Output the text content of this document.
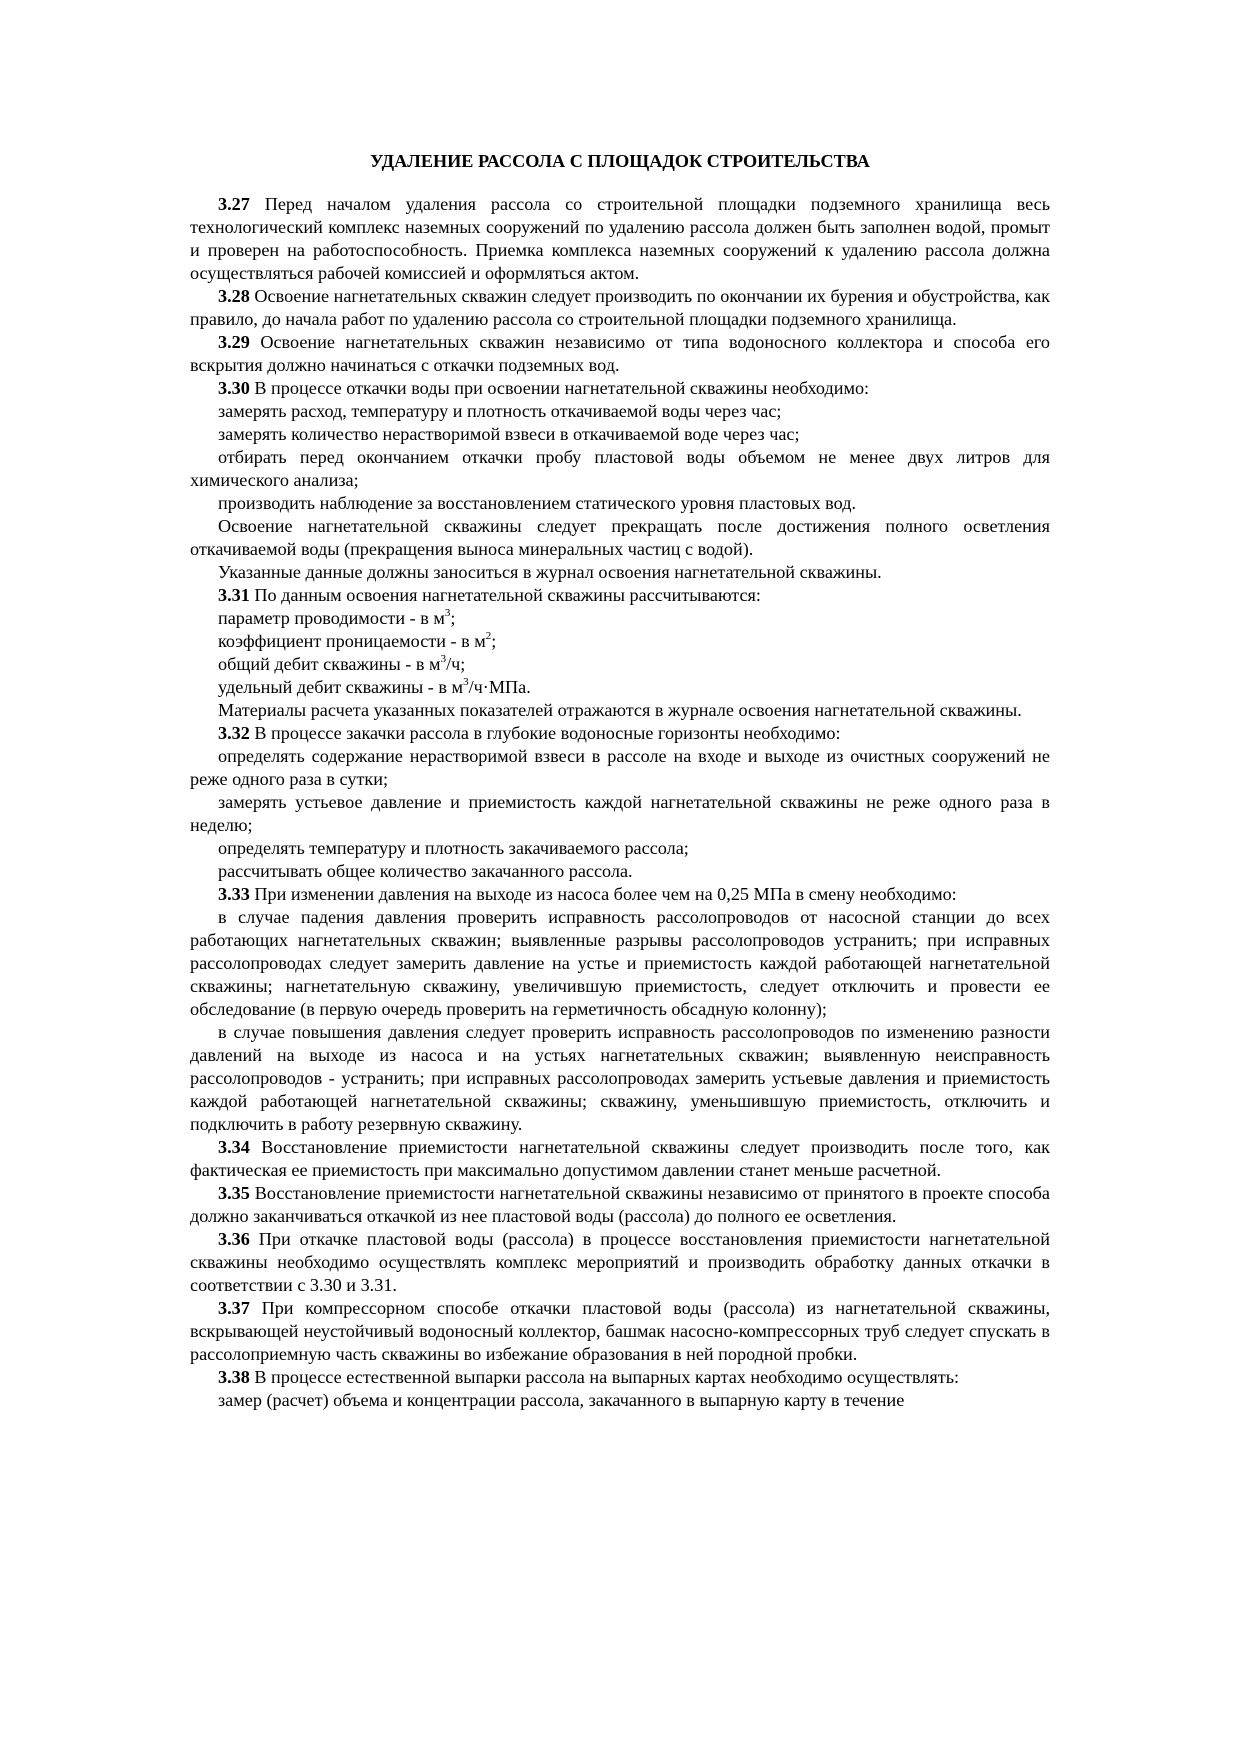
УДАЛЕНИЕ РАССОЛА С ПЛОЩАДОК СТРОИТЕЛЬСТВА

3.27 Перед началом удаления рассола со строительной площадки подземного хранилища весь технологический комплекс наземных сооружений по удалению рассола должен быть заполнен водой, промыт и проверен на работоспособность. Приемка комплекса наземных сооружений к удалению рассола должна осуществляться рабочей комиссией и оформляться актом.

3.28 Освоение нагнетательных скважин следует производить по окончании их бурения и обустройства, как правило, до начала работ по удалению рассола со строительной площадки подземного хранилища.

3.29 Освоение нагнетательных скважин независимо от типа водоносного коллектора и способа его вскрытия должно начинаться с откачки подземных вод.

3.30 В процессе откачки воды при освоении нагнетательной скважины необходимо:

замерять расход, температуру и плотность откачиваемой воды через час;

замерять количество нерастворимой взвеси в откачиваемой воде через час;

отбирать перед окончанием откачки пробу пластовой воды объемом не менее двух литров для химического анализа;

производить наблюдение за восстановлением статического уровня пластовых вод.

Освоение нагнетательной скважины следует прекращать после достижения полного осветления откачиваемой воды (прекращения выноса минеральных частиц с водой).

Указанные данные должны заноситься в журнал освоения нагнетательной скважины.

3.31 По данным освоения нагнетательной скважины рассчитываются:

параметр проводимости - в $м^3$;

коэффициент проницаемости - в $м^2$;

общий дебит скважины - в $м^3/ч$;

удельный дебит скважины - в $м^3/ч\cdot МПа$.

Материалы расчета указанных показателей отражаются в журнале освоения нагнетательной скважины.

3.32 В процессе закачки рассола в глубокие водоносные горизонты необходимо:

определять содержание нерастворимой взвеси в рассоле на входе и выходе из очистных сооружений не реже одного раза в сутки;

замерять устьевое давление и приемистость каждой нагнетательной скважины не реже одного раза в неделю;

определять температуру и плотность закачиваемого рассола;

рассчитывать общее количество закачанного рассола.

3.33 При изменении давления на выходе из насоса более чем на 0,25 МПа в смену необходимо:

в случае падения давления проверить исправность рассолопроводов от насосной станции до всех работающих нагнетательных скважин; выявленные разрывы рассолопроводов устранить; при исправных рассолопроводах следует замерить давление на устье и приемистость каждой работающей нагнетательной скважины; нагнетательную скважину, увеличившую приемистость, следует отключить и провести ее обследование (в первую очередь проверить на герметичность обсадную колонну);

в случае повышения давления следует проверить исправность рассолопроводов по изменению разности давлений на выходе из насоса и на устьях нагнетательных скважин; выявленную неисправность рассолопроводов - устранить; при исправных рассолопроводах замерить устьевые давления и приемистость каждой работающей нагнетательной скважины; скважину, уменьшившую приемистость, отключить и подключить в работу резервную скважину.

3.34 Восстановление приемистости нагнетательной скважины следует производить после того, как фактическая ее приемистость при максимально допустимом давлении станет меньше расчетной.

3.35 Восстановление приемистости нагнетательной скважины независимо от принятого в проекте способа должно заканчиваться откачкой из нее пластовой воды (рассола) до полного ее осветления.

3.36 При откачке пластовой воды (рассола) в процессе восстановления приемистости нагнетательной скважины необходимо осуществлять комплекс мероприятий и производить обработку данных откачки в соответствии с 3.30 и 3.31.

3.37 При компрессорном способе откачки пластовой воды (рассола) из нагнетательной скважины, вскрывающей неустойчивый водоносный коллектор, башмак насосно-компрессорных труб следует спускать в рассолоприемную часть скважины во избежание образования в ней породной пробки.

3.38 В процессе естественной выпарки рассола на выпарных картах необходимо осуществлять:

замер (расчет) объема и концентрации рассола, закачанного в выпарную карту в течение
